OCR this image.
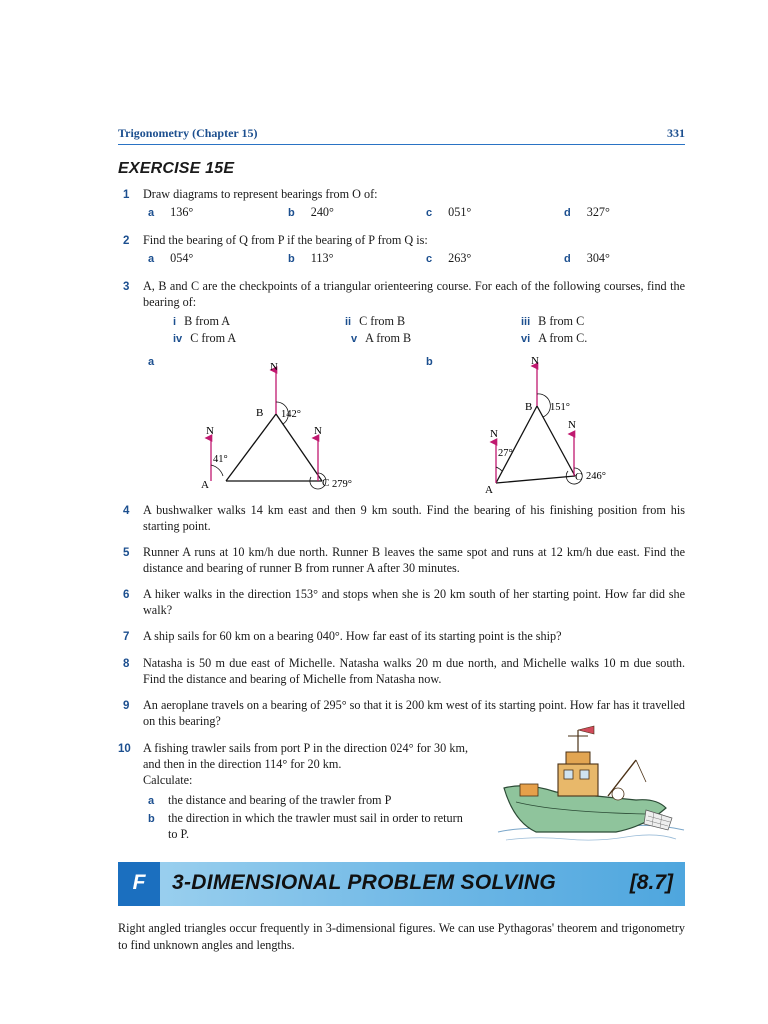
Trigonometry (Chapter 15)	331
EXERCISE 15E
1 Draw diagrams to represent bearings from O of:
a 136°	b 240°	c 051°	d 327°
2 Find the bearing of Q from P if the bearing of P from Q is:
a 054°	b 113°	c 263°	d 304°
3 A, B and C are the checkpoints of a triangular orienteering course. For each of the following courses, find the bearing of:
i B from A	ii C from B	iii B from C
iv C from A	v A from B	vi A from C.
a	b
N
N	N
B
A	C
142°
41°
279°
N
N
N
B
A
C
151°
27°
246°
4 A bushwalker walks 14 km east and then 9 km south. Find the bearing of his finishing position from his starting point.
5 Runner A runs at 10 km/h due north. Runner B leaves the same spot and runs at 12 km/h due east. Find the distance and bearing of runner B from runner A after 30 minutes.
6 A hiker walks in the direction 153° and stops when she is 20 km south of her starting point. How far did she walk?
7 A ship sails for 60 km on a bearing 040°. How far east of its starting point is the ship?
8 Natasha is 50 m due east of Michelle. Natasha walks 20 m due north, and Michelle walks 10 m due south. Find the distance and bearing of Michelle from Natasha now.
9 An aeroplane travels on a bearing of 295° so that it is 200 km west of its starting point. How far has it travelled on this bearing?
10 A fishing trawler sails from port P in the direction 024° for 30 km, and then in the direction 114° for 20 km.
Calculate:
a the distance and bearing of the trawler from P
b the direction in which the trawler must sail in order to return to P.
F	3-DIMENSIONAL PROBLEM SOLVING	[8.7]
Right angled triangles occur frequently in 3-dimensional figures. We can use Pythagoras' theorem and trigonometry to find unknown angles and lengths.
